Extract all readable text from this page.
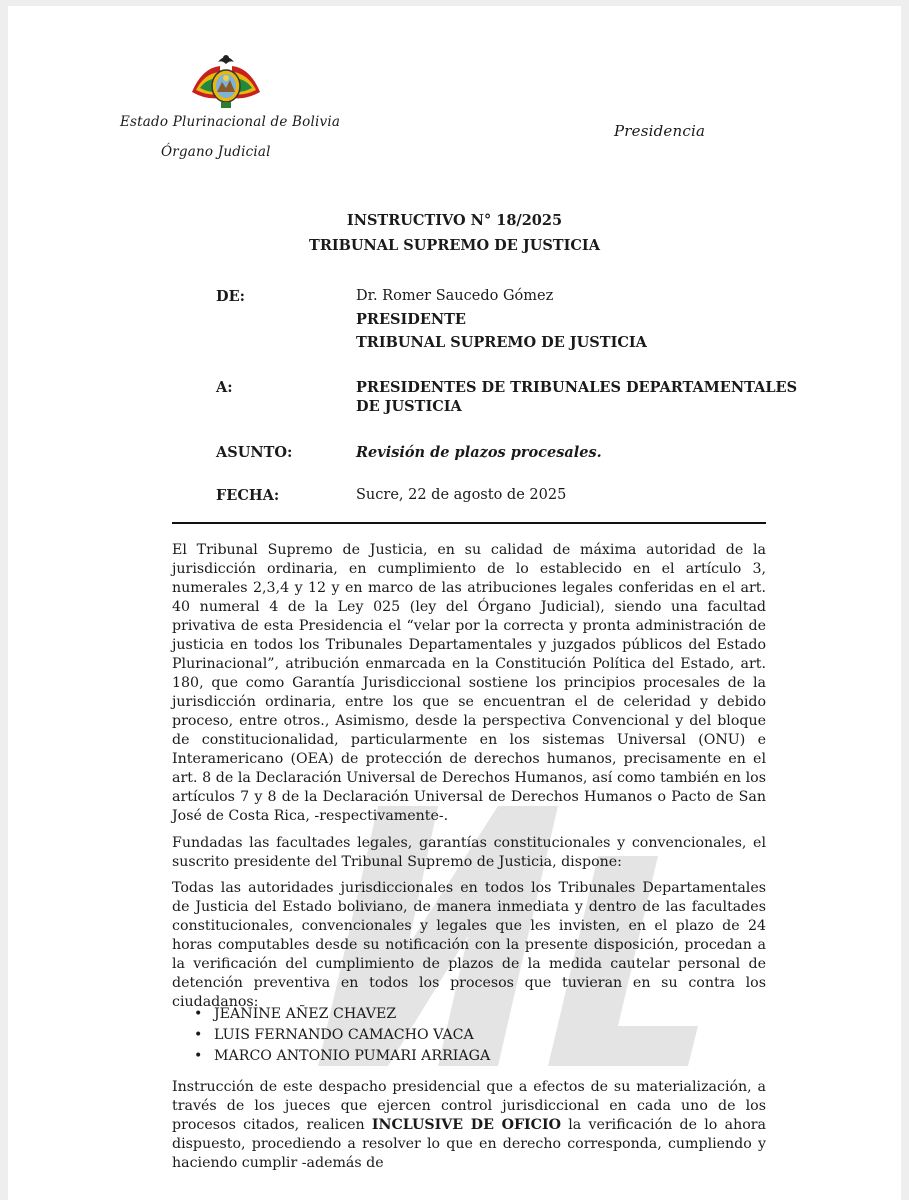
Estado Plurinacional de Bolivia
Órgano Judicial
Presidencia
INSTRUCTIVO N° 18/2025
TRIBUNAL SUPREMO DE JUSTICIA
DE:	Dr. Romer Saucedo Gómez
PRESIDENTE
TRIBUNAL SUPREMO DE JUSTICIA
A:	PRESIDENTES DE TRIBUNALES DEPARTAMENTALES
DE JUSTICIA
ASUNTO:	Revisión de plazos procesales.
FECHA:	Sucre, 22 de agosto de 2025
El Tribunal Supremo de Justicia, en su calidad de máxima autoridad de la jurisdicción ordinaria, en cumplimiento de lo establecido en el artículo 3, numerales 2,3,4 y 12 y en marco de las atribuciones legales conferidas en el art. 40 numeral 4 de la Ley 025 (ley del Órgano Judicial), siendo una facultad privativa de esta Presidencia el “velar por la correcta y pronta administración de justicia en todos los Tribunales Departamentales y juzgados públicos del Estado Plurinacional”, atribución enmarcada en la Constitución Política del Estado, art. 180, que como Garantía Jurisdiccional sostiene los principios procesales de la jurisdicción ordinaria, entre los que se encuentran el de celeridad y debido proceso, entre otros., Asimismo, desde la perspectiva Convencional y del bloque de constitucionalidad, particularmente en los sistemas Universal (ONU) e Interamericano (OEA) de protección de derechos humanos, precisamente en el art. 8 de la Declaración Universal de Derechos Humanos, así como también en los artículos 7 y 8 de la Declaración Universal de Derechos Humanos o Pacto de San José de Costa Rica, -respectivamente-.
Fundadas las facultades legales, garantías constitucionales y convencionales, el suscrito presidente del Tribunal Supremo de Justicia, dispone:
Todas las autoridades jurisdiccionales en todos los Tribunales Departamentales de Justicia del Estado boliviano, de manera inmediata y dentro de las facultades constitucionales, convencionales y legales que les invisten, en el plazo de 24 horas computables desde su notificación con la presente disposición, procedan a la verificación del cumplimiento de plazos de la medida cautelar personal de detención preventiva en todos los procesos que tuvieran en su contra los ciudadanos:
• JEANINE AÑEZ CHAVEZ
• LUIS FERNANDO CAMACHO VACA
• MARCO ANTONIO PUMARI ARRIAGA
Instrucción de este despacho presidencial que a efectos de su materialización, a través de los jueces que ejercen control jurisdiccional en cada uno de los procesos citados, realicen INCLUSIVE DE OFICIO la verificación de lo ahora dispuesto, procediendo a resolver lo que en derecho corresponda, cumpliendo y haciendo cumplir -además de
